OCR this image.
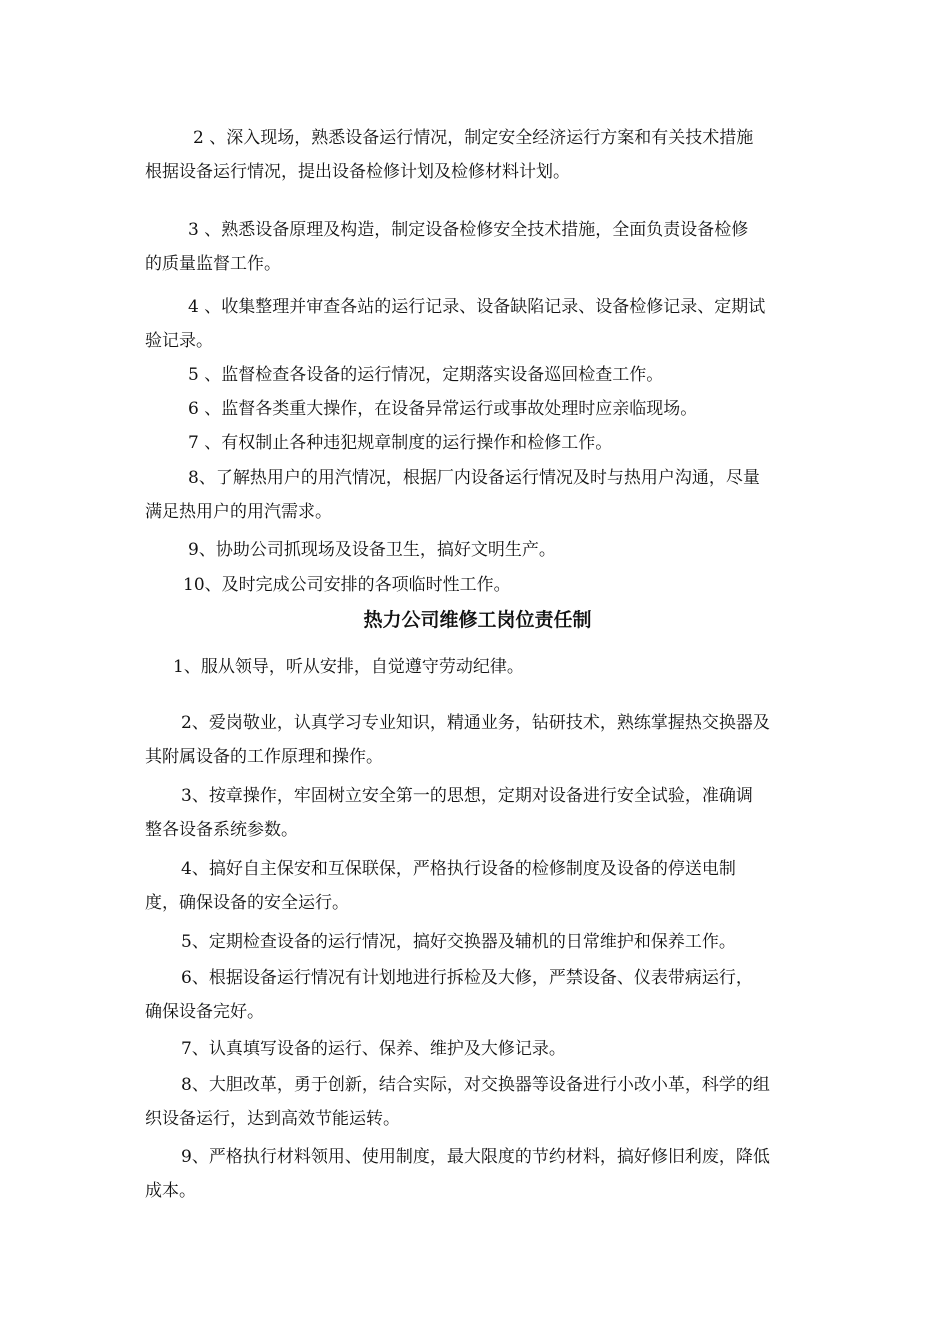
2 、深入现场，熟悉设备运行情况，制定安全经济运行方案和有关技术措施
根据设备运行情况，提出设备检修计划及检修材料计划。

3 、熟悉设备原理及构造，制定设备检修安全技术措施，全面负责设备检修
的质量监督工作。

4 、收集整理并审查各站的运行记录、设备缺陷记录、设备检修记录、定期试
验记录。

5 、监督检查各设备的运行情况，定期落实设备巡回检查工作。

6 、监督各类重大操作，在设备异常运行或事故处理时应亲临现场。

7 、有权制止各种违犯规章制度的运行操作和检修工作。

8、了解热用户的用汽情况，根据厂内设备运行情况及时与热用户沟通，尽量
满足热用户的用汽需求。

9、协助公司抓现场及设备卫生，搞好文明生产。

10、及时完成公司安排的各项临时性工作。

热力公司维修工岗位责任制

1、服从领导，听从安排，自觉遵守劳动纪律。

2、爱岗敬业，认真学习专业知识，精通业务，钻研技术，熟练掌握热交换器及
其附属设备的工作原理和操作。

3、按章操作，牢固树立安全第一的思想，定期对设备进行安全试验，准确调
整各设备系统参数。

4、搞好自主保安和互保联保，严格执行设备的检修制度及设备的停送电制
度，确保设备的安全运行。

5、定期检查设备的运行情况，搞好交换器及辅机的日常维护和保养工作。

6、根据设备运行情况有计划地进行拆检及大修，严禁设备、仪表带病运行，
确保设备完好。

7、认真填写设备的运行、保养、维护及大修记录。

8、大胆改革，勇于创新，结合实际，对交换器等设备进行小改小革，科学的组
织设备运行，达到高效节能运转。

9、严格执行材料领用、使用制度，最大限度的节约材料，搞好修旧利废，降低
成本。
